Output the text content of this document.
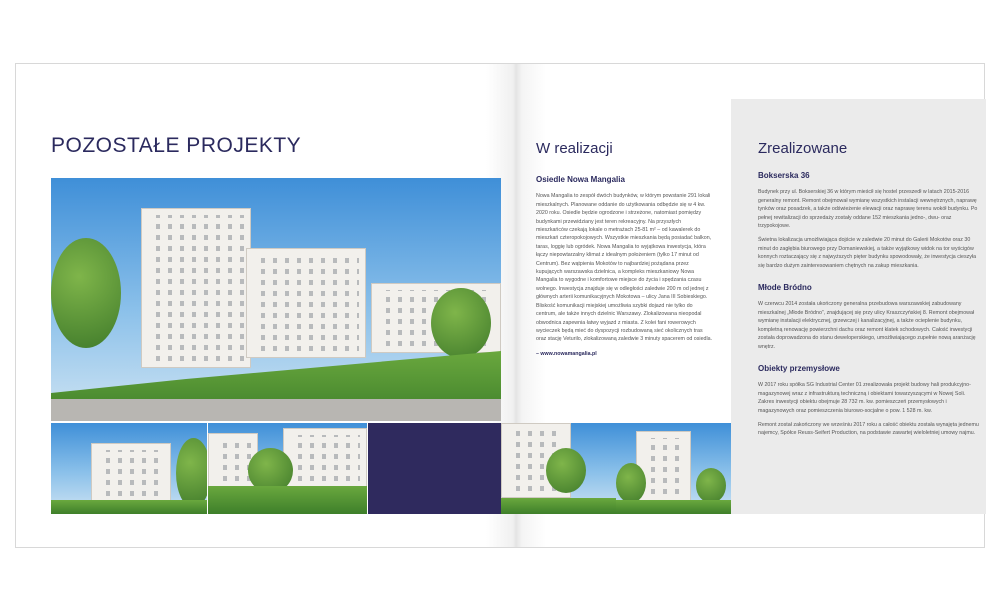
POZOSTAŁE PROJEKTY	W realizacji
Osiedle Nowa Mangalia

Nowa Mangalia to zespół dwóch budynków, w którym powstanie 291 lokali mieszkalnych. Planowane oddanie do użytkowania odbędzie się w 4 kw. 2020 roku. Osiedle będzie ogrodzone i strzeżone, natomiast pomiędzy budynkami przewidziany jest teren rekreacyjny. Na przyszłych mieszkańców czekają lokale o metrażach 25-81 m² – od kawalerek do mieszkań czteropokojowych. Wszystkie mieszkania będą posiadać balkon, taras, loggię lub ogródek. Nowa Mangalia to wyjątkowa inwestycja, która łączy niepowtarzalny klimat z idealnym położeniem (tylko 17 minut od Centrum). Bez wątpienia Mokotów to najbardziej pożądana przez kupujących warszawska dzielnica, a kompleks mieszkaniowy Nowa Mangalia to wygodne i komfortowe miejsce do życia i spędzania czasu wolnego. Inwestycja znajduje się w odległości zaledwie 200 m od jednej z głównych arterii komunikacyjnych Mokotowa – ulicy Jana III Sobieskiego. Bliskość komunikacji miejskiej umożliwia szybki dojazd nie tylko do centrum, ale także innych dzielnic Warszawy. Zlokalizowana nieopodal obwodnica zapewnia łatwy wyjazd z miasta. Z kolei fani rowerowych wycieczek będą mieć do dyspozycji rozbudowaną sieć okolicznych tras oraz stację Veturilo, zlokalizowaną zaledwie 3 minuty spacerem od osiedla.

– www.nowamangalia.pl
Zrealizowane
Bokserska 36

Budynek przy ul. Bokserskiej 36 w którym mieścił się hostel przeszedł w latach 2015-2016 generalny remont. Remont obejmował wymianę wszystkich instalacji wewnętrznych, naprawę tynków oraz posadzek, a także odświeżenie elewacji oraz naprawę terenu wokół budynku. Po pełnej rewitalizacji do sprzedaży zostały oddane 152 mieszkania jedno-, dwu- oraz trzypokojowe.

Świetna lokalizacja umożliwiająca dojście w zaledwie 20 minut do Galerii Mokotów oraz 30 minut do zagłębia biurowego przy Domaniewskiej, a także wyjątkowy widok na tor wyścigów konnych roztaczający się z najwyższych pięter budynku spowodowały, że inwestycja cieszyła się bardzo dużym zainteresowaniem chętnych na zakup mieszkania.

Młode Bródno

W czerwcu 2014 została ukończony generalna przebudowa warszawskiej zabudowany mieszkalnej „Młode Bródno”, znajdującej się przy ulicy Kraszczyńskiej 8. Remont obejmował wymianę instalacji elektrycznej, grzewczej i kanalizacyjnej, a także ocieplenie budynku, kompletną renowację powierzchni dachu oraz remont klatek schodowych. Całość inwestycji została doprowadzona do stanu deweloperskiego, umożliwiającego zupełnie nową aranżację wnętrz.

Obiekty przemysłowe

W 2017 roku spółka SG Industrial Center 01 zrealizowała projekt budowy hali produkcyjno-magazynowej wraz z infrastrukturą techniczną i obiektami towarzyszącymi w Nowej Soli. Zakres inwestycji obiektu obejmuje 28 732 m. kw. pomieszczeń przemysłowych i magazynowych oraz pomieszczenia biurowo-socjalne o pow. 1 528 m. kw.

Remont został zakończony we wrześniu 2017 roku a całość obiektu została wynajęta jednemu najemcy, Spółce Reuss-Seifert Production, na podstawie zawartej wieloletniej umowy najmu.
